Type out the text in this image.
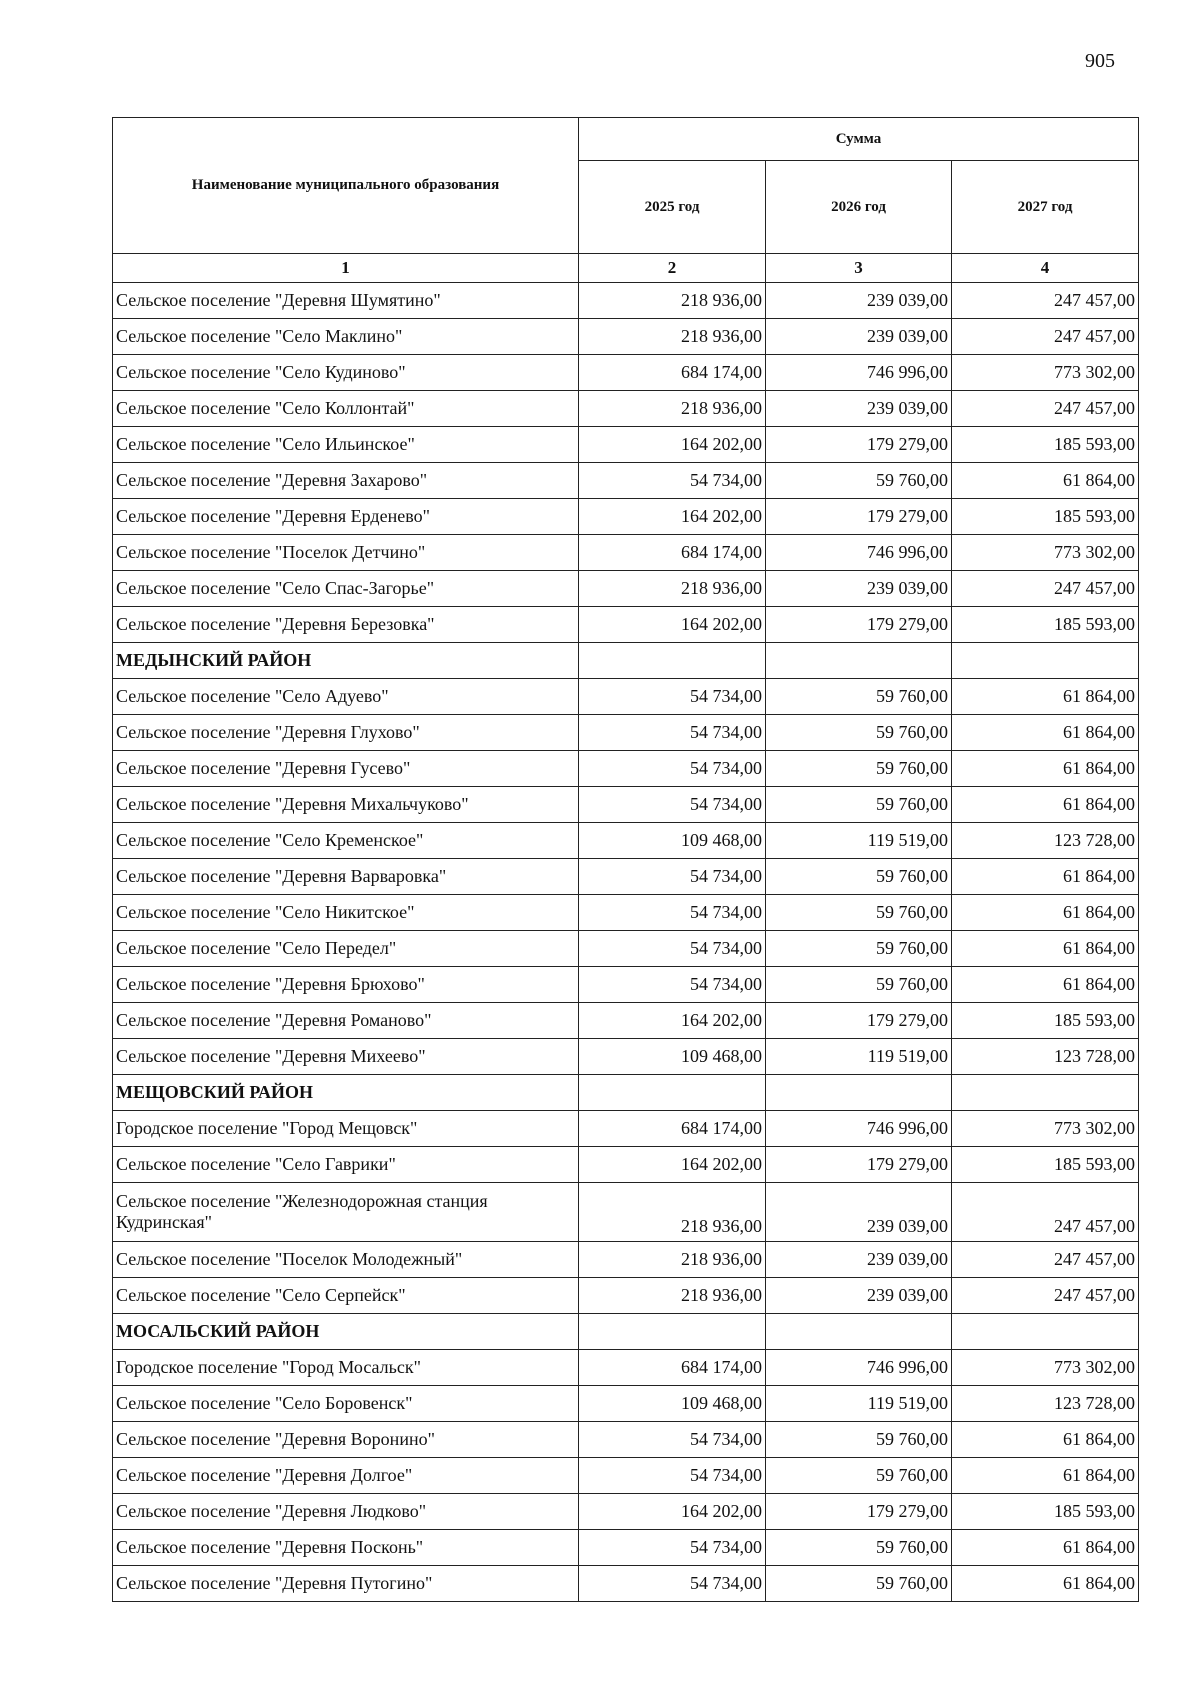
905
Наименование муниципального образования	Сумма		
	2025 год	2026 год	2027 год
1	2	3	4
Сельское поселение "Деревня Шумятино"	218 936,00	239 039,00	247 457,00
Сельское поселение "Село Маклино"	218 936,00	239 039,00	247 457,00
Сельское поселение "Село Кудиново"	684 174,00	746 996,00	773 302,00
Сельское поселение "Село Коллонтай"	218 936,00	239 039,00	247 457,00
Сельское поселение "Село Ильинское"	164 202,00	179 279,00	185 593,00
Сельское поселение "Деревня Захарово"	54 734,00	59 760,00	61 864,00
Сельское поселение "Деревня Ерденево"	164 202,00	179 279,00	185 593,00
Сельское поселение "Поселок Детчино"	684 174,00	746 996,00	773 302,00
Сельское поселение "Село Спас-Загорье"	218 936,00	239 039,00	247 457,00
Сельское поселение "Деревня Березовка"	164 202,00	179 279,00	185 593,00
МЕДЫНСКИЙ РАЙОН			
Сельское поселение "Село Адуево"	54 734,00	59 760,00	61 864,00
Сельское поселение "Деревня Глухово"	54 734,00	59 760,00	61 864,00
Сельское поселение "Деревня Гусево"	54 734,00	59 760,00	61 864,00
Сельское поселение "Деревня Михальчуково"	54 734,00	59 760,00	61 864,00
Сельское поселение "Село Кременское"	109 468,00	119 519,00	123 728,00
Сельское поселение "Деревня Варваровка"	54 734,00	59 760,00	61 864,00
Сельское поселение "Село Никитское"	54 734,00	59 760,00	61 864,00
Сельское поселение "Село Передел"	54 734,00	59 760,00	61 864,00
Сельское поселение "Деревня Брюхово"	54 734,00	59 760,00	61 864,00
Сельское поселение "Деревня Романово"	164 202,00	179 279,00	185 593,00
Сельское поселение "Деревня Михеево"	109 468,00	119 519,00	123 728,00
МЕЩОВСКИЙ РАЙОН			
Городское поселение "Город Мещовск"	684 174,00	746 996,00	773 302,00
Сельское поселение "Село Гаврики"	164 202,00	179 279,00	185 593,00
Сельское поселение "Железнодорожная станция Кудринская"	218 936,00	239 039,00	247 457,00
Сельское поселение "Поселок Молодежный"	218 936,00	239 039,00	247 457,00
Сельское поселение "Село Серпейск"	218 936,00	239 039,00	247 457,00
МОСАЛЬСКИЙ РАЙОН			
Городское поселение "Город Мосальск"	684 174,00	746 996,00	773 302,00
Сельское поселение "Село Боровенск"	109 468,00	119 519,00	123 728,00
Сельское поселение "Деревня Воронино"	54 734,00	59 760,00	61 864,00
Сельское поселение "Деревня Долгое"	54 734,00	59 760,00	61 864,00
Сельское поселение "Деревня Людково"	164 202,00	179 279,00	185 593,00
Сельское поселение "Деревня Посконь"	54 734,00	59 760,00	61 864,00
Сельское поселение "Деревня Путогино"	54 734,00	59 760,00	61 864,00
